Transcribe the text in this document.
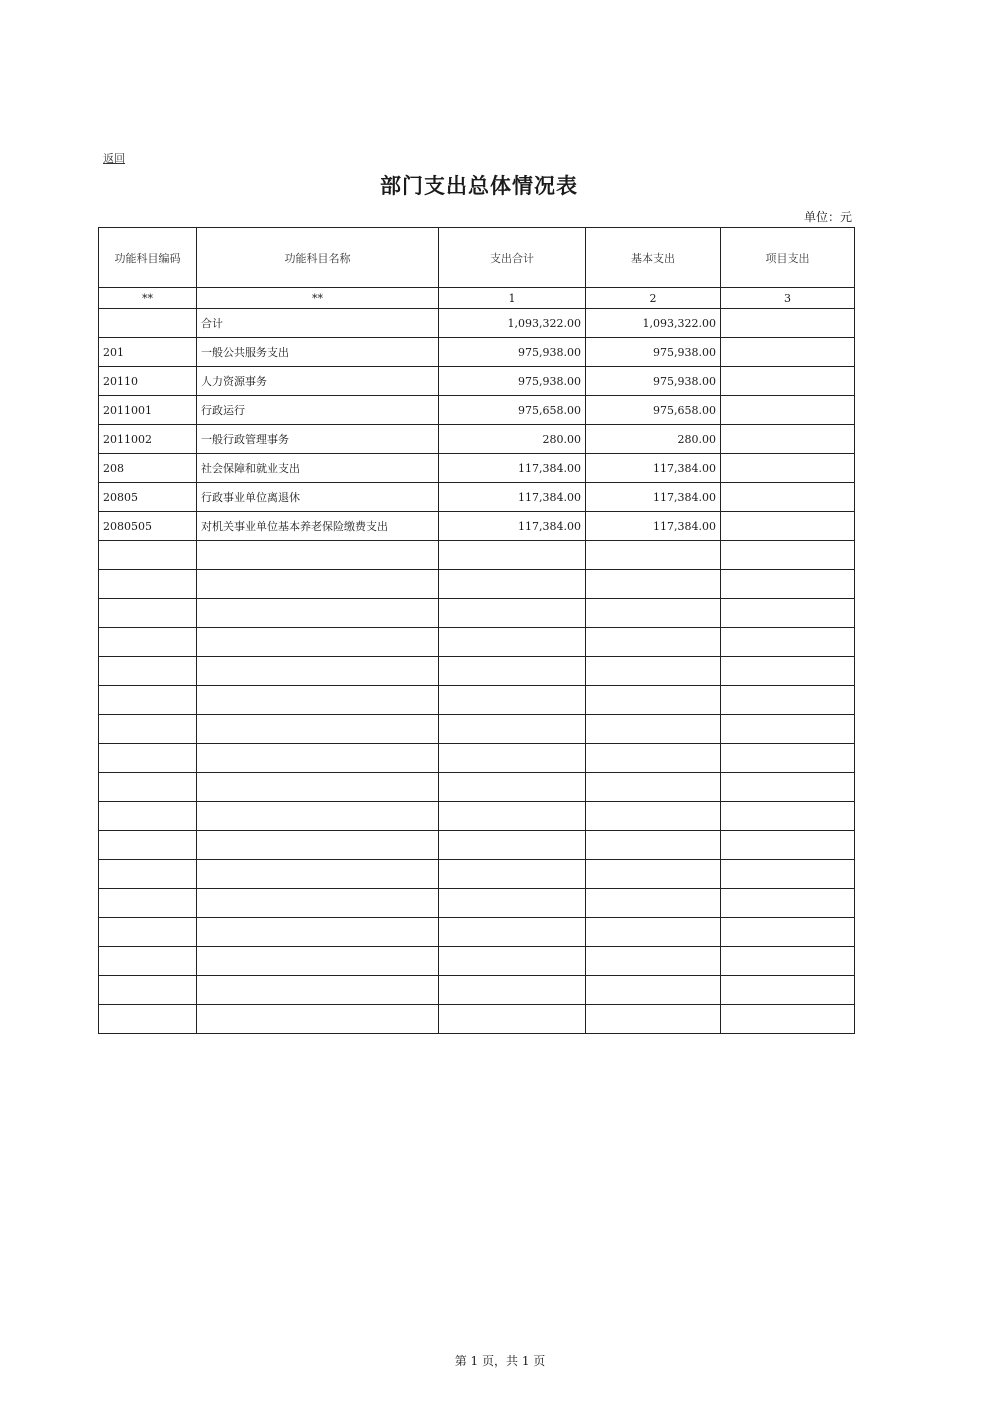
返回
部门支出总体情况表
单位：元
功能科目编码	功能科目名称	支出合计	基本支出	项目支出
**	**	1	2	3
	合计	1,093,322.00	1,093,322.00	
201	一般公共服务支出	975,938.00	975,938.00	
20110	人力资源事务	975,938.00	975,938.00	
2011001	行政运行	975,658.00	975,658.00	
2011002	一般行政管理事务	280.00	280.00	
208	社会保障和就业支出	117,384.00	117,384.00	
20805	行政事业单位离退休	117,384.00	117,384.00	
2080505	对机关事业单位基本养老保险缴费支出	117,384.00	117,384.00	

第 1 页，共 1 页
